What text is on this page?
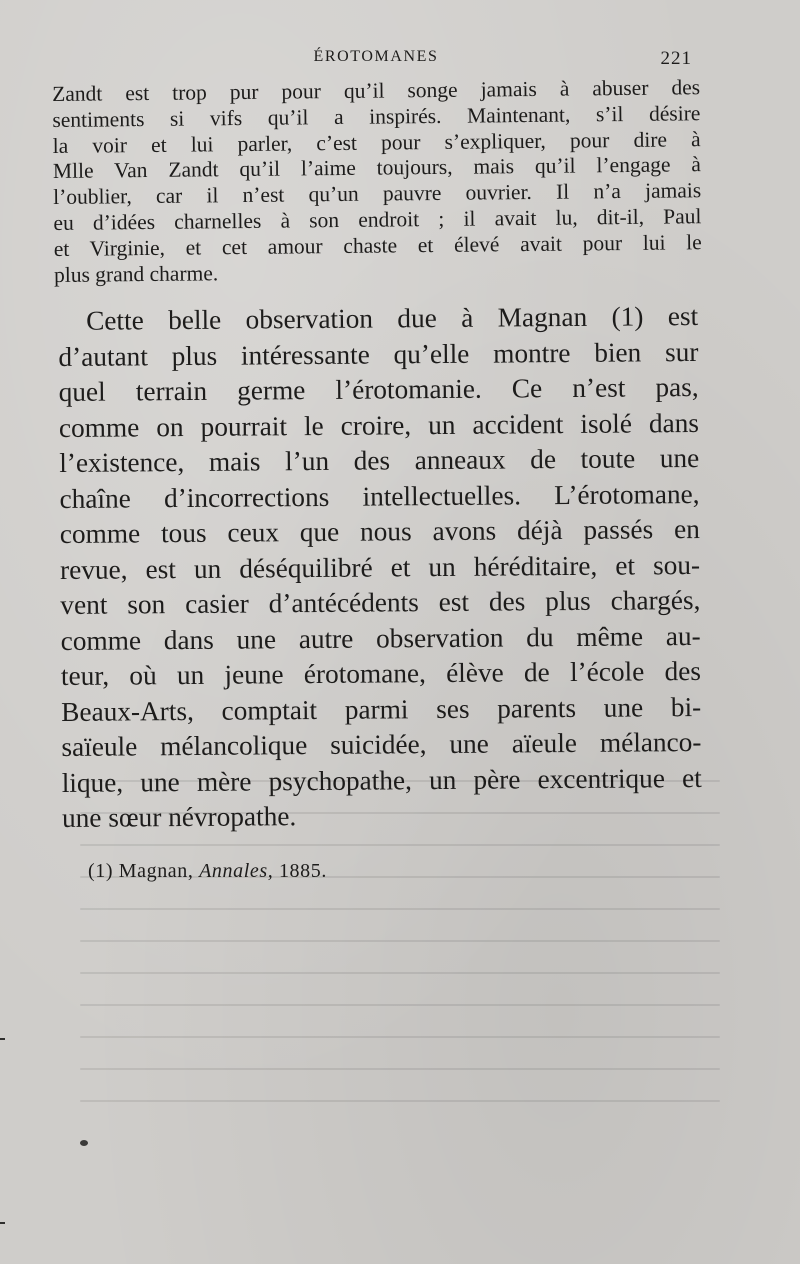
ÉROTOMANES	221
Zandt est trop pur pour qu’il songe jamais à abuser des
sentiments si vifs qu’il a inspirés. Maintenant, s’il désire
la voir et lui parler, c’est pour s’expliquer, pour dire à
Mlle Van Zandt qu’il l’aime toujours, mais qu’il l’engage à
l’oublier, car il n’est qu’un pauvre ouvrier. Il n’a jamais
eu d’idées charnelles à son endroit ; il avait lu, dit-il, Paul
et Virginie, et cet amour chaste et élevé avait pour lui le
plus grand charme.
Cette belle observation due à Magnan (1) est
d’autant plus intéressante qu’elle montre bien sur
quel terrain germe l’érotomanie. Ce n’est pas,
comme on pourrait le croire, un accident isolé dans
l’existence, mais l’un des anneaux de toute une
chaîne d’incorrections intellectuelles. L’érotomane,
comme tous ceux que nous avons déjà passés en
revue, est un déséquilibré et un héréditaire, et sou-
vent son casier d’antécédents est des plus chargés,
comme dans une autre observation du même au-
teur, où un jeune érotomane, élève de l’école des
Beaux-Arts, comptait parmi ses parents une bi-
saïeule mélancolique suicidée, une aïeule mélanco-
lique, une mère psychopathe, un père excentrique et
une sœur névropathe.
(1) Magnan, Annales, 1885.
